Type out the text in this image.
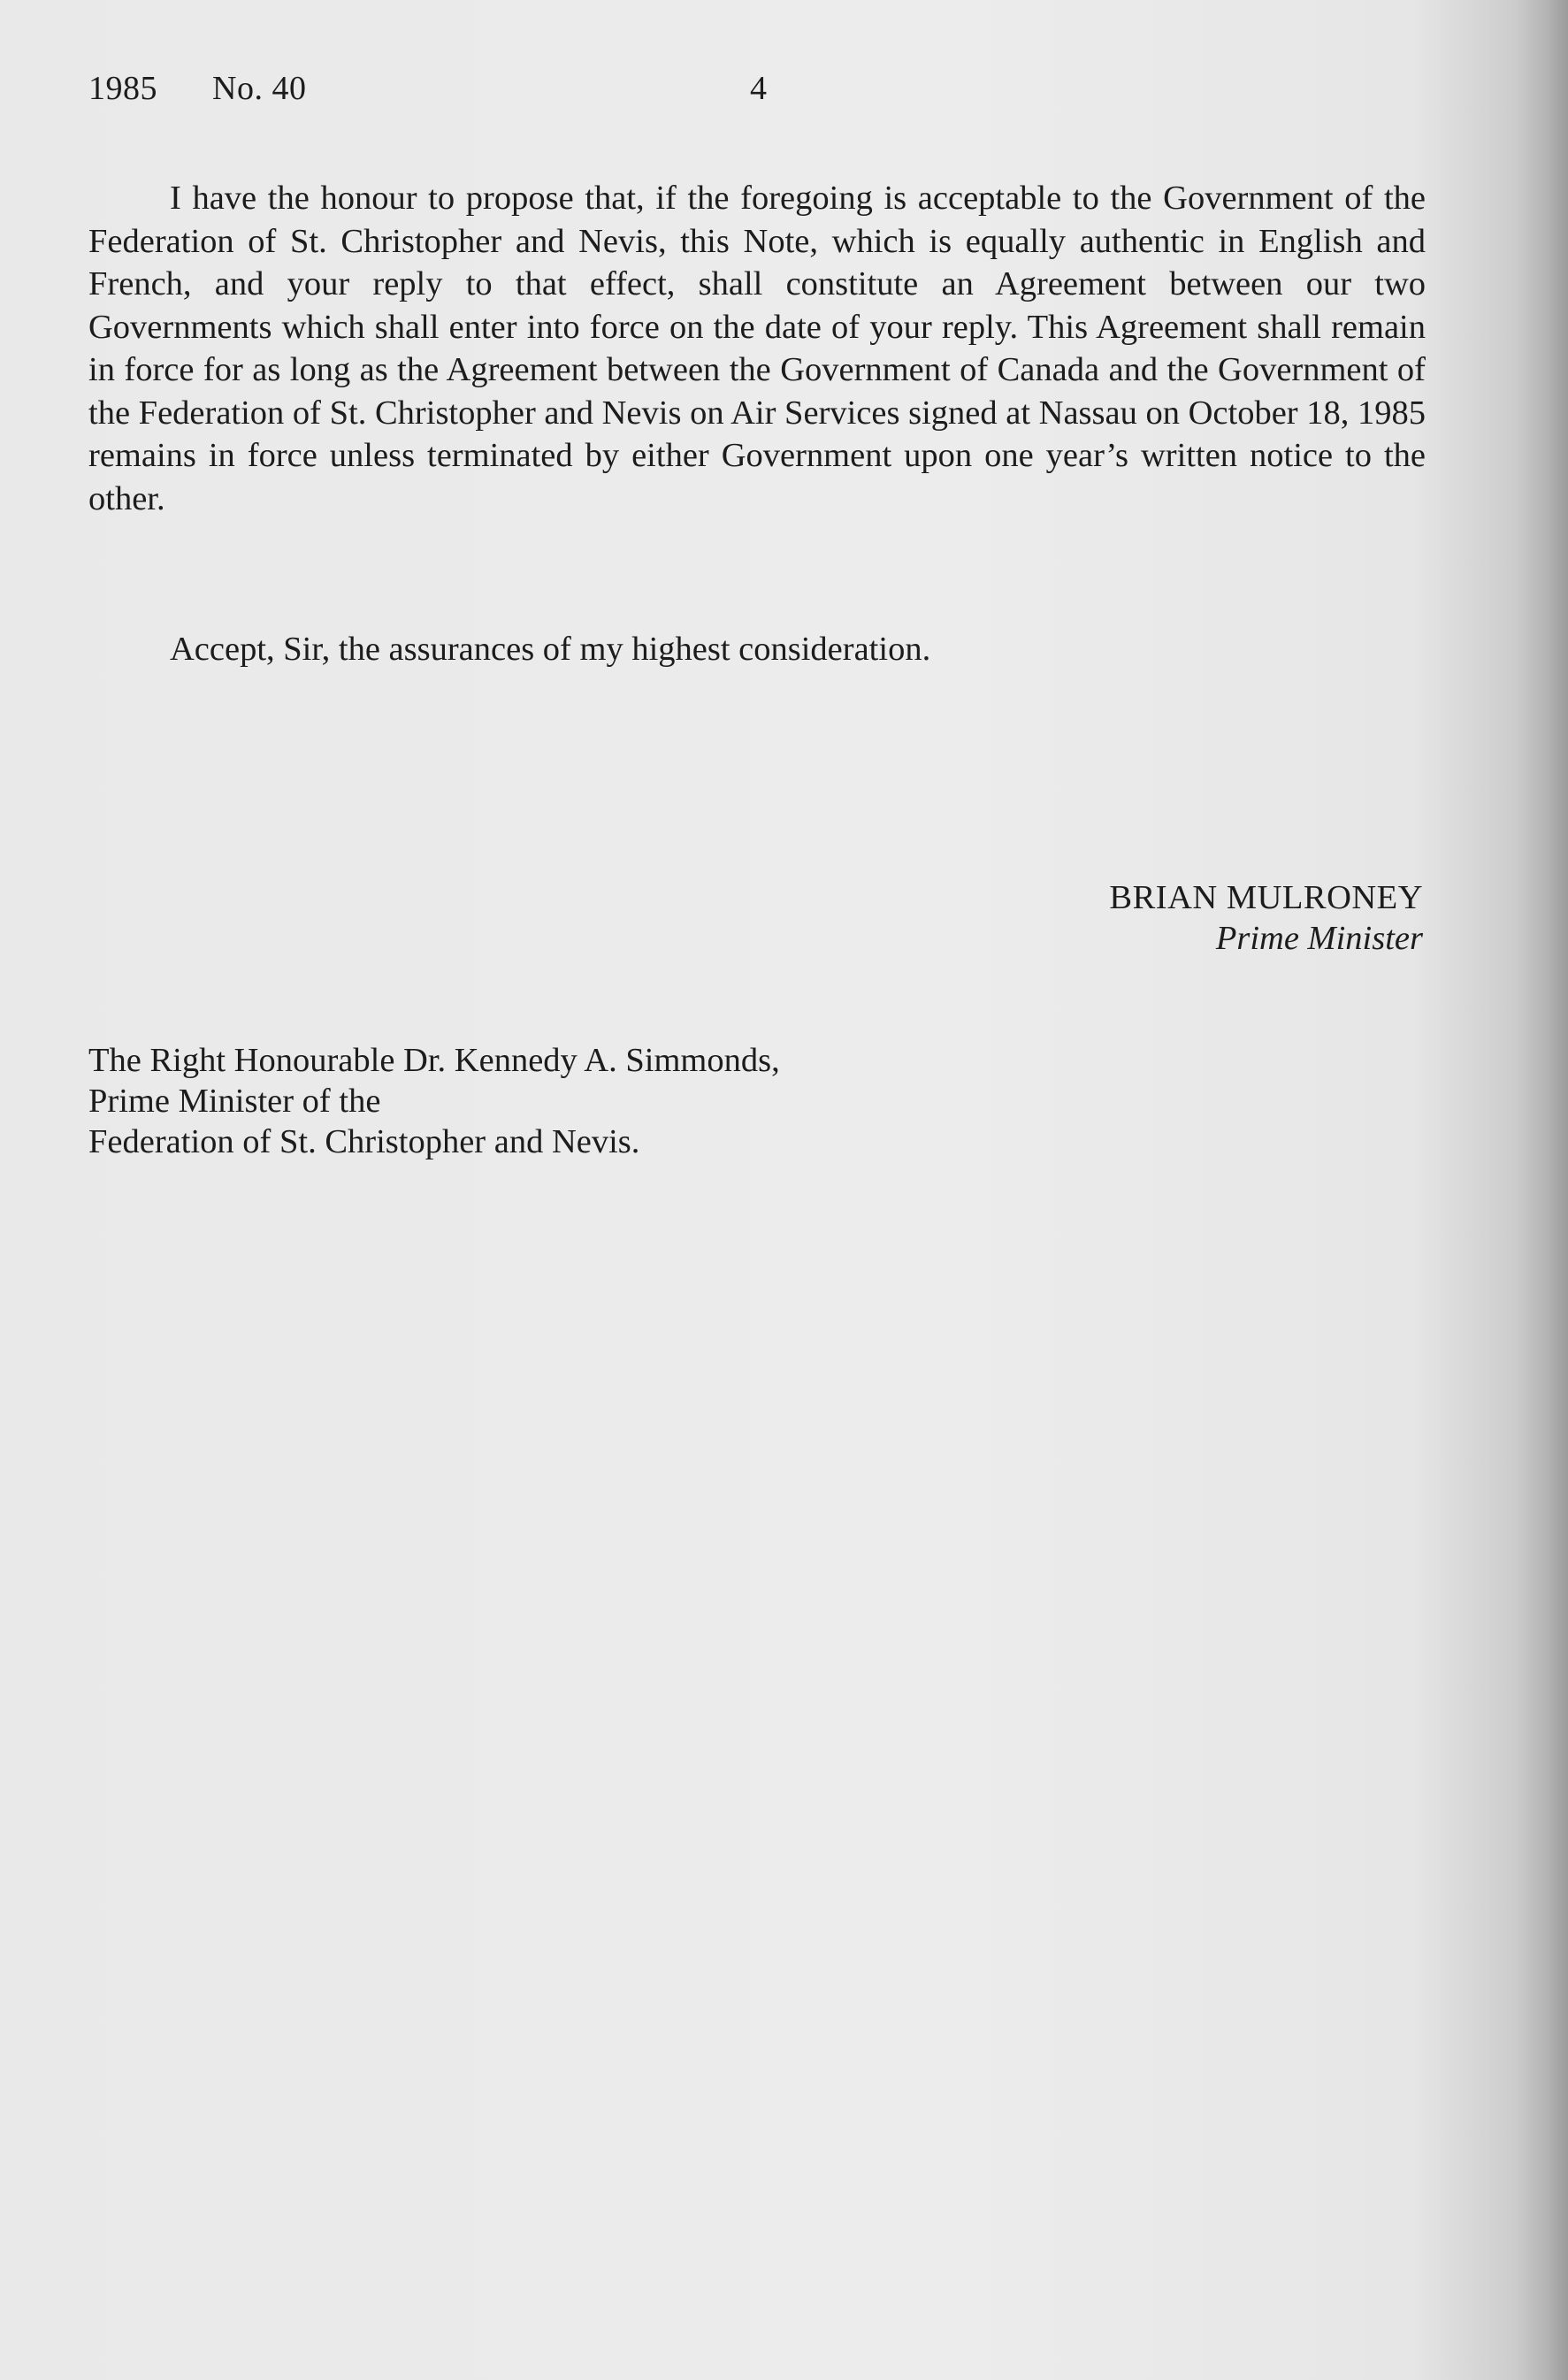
1985 No. 40	4

I have the honour to propose that, if the foregoing is acceptable to the Government of the Federation of St. Christopher and Nevis, this Note, which is equally authentic in English and French, and your reply to that effect, shall constitute an Agreement between our two Governments which shall enter into force on the date of your reply. This Agreement shall remain in force for as long as the Agreement between the Government of Canada and the Government of the Federation of St. Christopher and Nevis on Air Services signed at Nassau on October 18, 1985 remains in force unless terminated by either Government upon one year’s written notice to the other.

Accept, Sir, the assurances of my highest consideration.

BRIAN MULRONEY
Prime Minister
The Right Honourable Dr. Kennedy A. Simmonds,
Prime Minister of the
Federation of St. Christopher and Nevis.
